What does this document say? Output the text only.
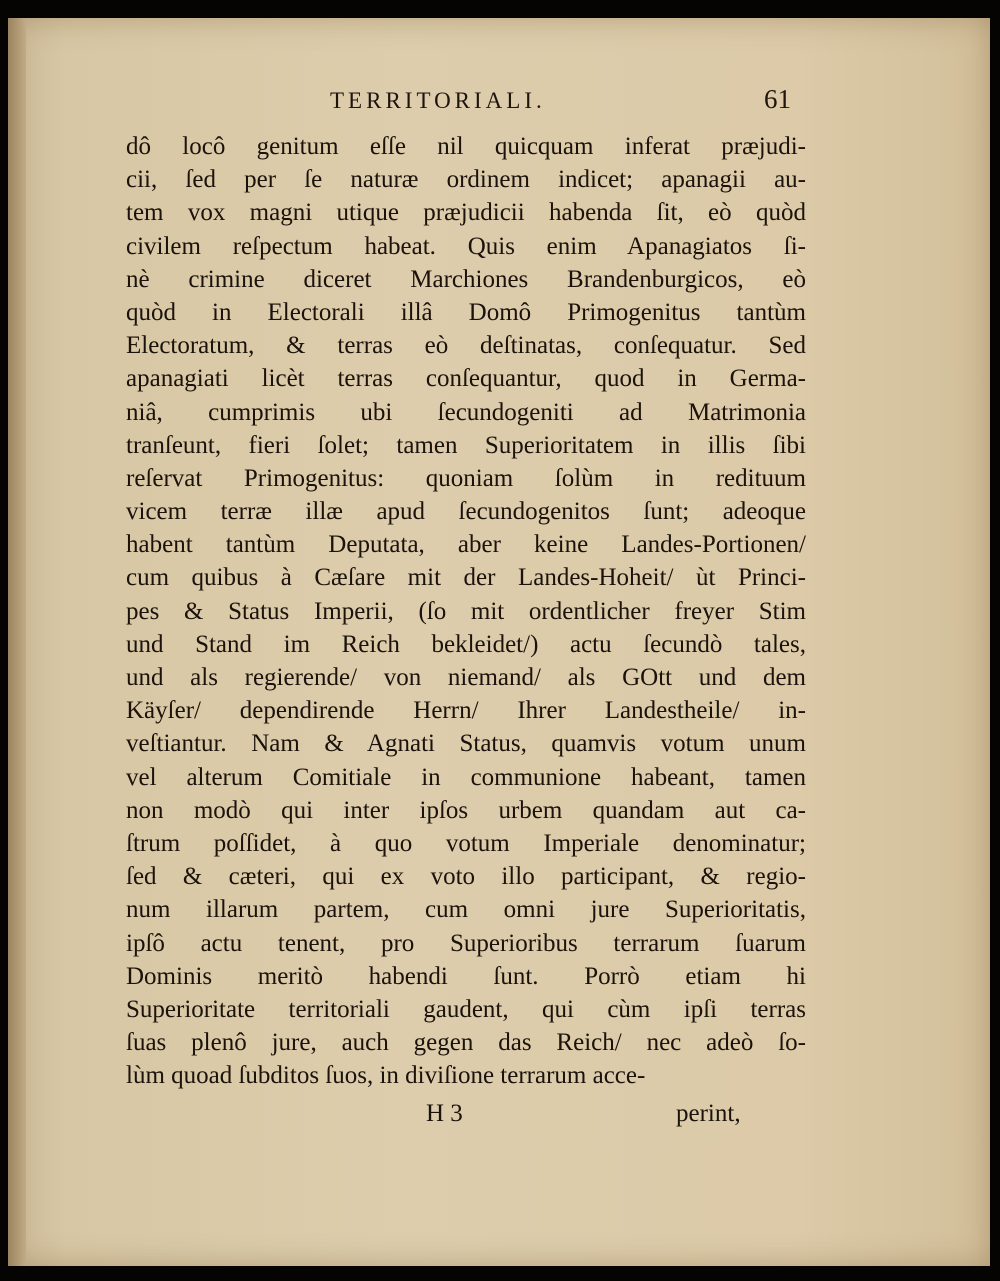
TERRITORIALI.	61
dô locô genitum eſſe nil quicquam inferat præjudi-
cii, ſed per ſe naturæ ordinem indicet; apanagii au-
tem vox magni utique præjudicii habenda ſit, eò quòd
civilem reſpectum habeat. Quis enim Apanagiatos ſi-
nè crimine diceret Marchiones Brandenburgicos, eò
quòd in Electorali illâ Domô Primogenitus tantùm
Electoratum, & terras eò deſtinatas, conſequatur. Sed
apanagiati licèt terras conſequantur, quod in Germa-
niâ, cumprimis ubi ſecundogeniti ad Matrimonia
tranſeunt, fieri ſolet; tamen Superioritatem in illis ſibi
reſervat Primogenitus: quoniam ſolùm in redituum
vicem terræ illæ apud ſecundogenitos ſunt; adeoque
habent tantùm Deputata, aber keine Landes-Portionen/
cum quibus à Cæſare mit der Landes-Hoheit/ ùt Princi-
pes & Status Imperii, (ſo mit ordentlicher freyer Stim
und Stand im Reich bekleidet/) actu ſecundò tales,
und als regierende/ von niemand/ als GOtt und dem
Käyſer/ dependirende Herrn/ Ihrer Landestheile/ in-
veſtiantur. Nam & Agnati Status, quamvis votum unum
vel alterum Comitiale in communione habeant, tamen
non modò qui inter ipſos urbem quandam aut ca-
ſtrum poſſidet, à quo votum Imperiale denominatur;
ſed & cæteri, qui ex voto illo participant, & regio-
num illarum partem, cum omni jure Superioritatis,
ipſô actu tenent, pro Superioribus terrarum ſuarum
Dominis meritò habendi ſunt. Porrò etiam hi
Superioritate territoriali gaudent, qui cùm ipſi terras
ſuas plenô jure, auch gegen das Reich/ nec adeò ſo-
lùm quoad ſubditos ſuos, in diviſione terrarum acce-
H 3	perint,
